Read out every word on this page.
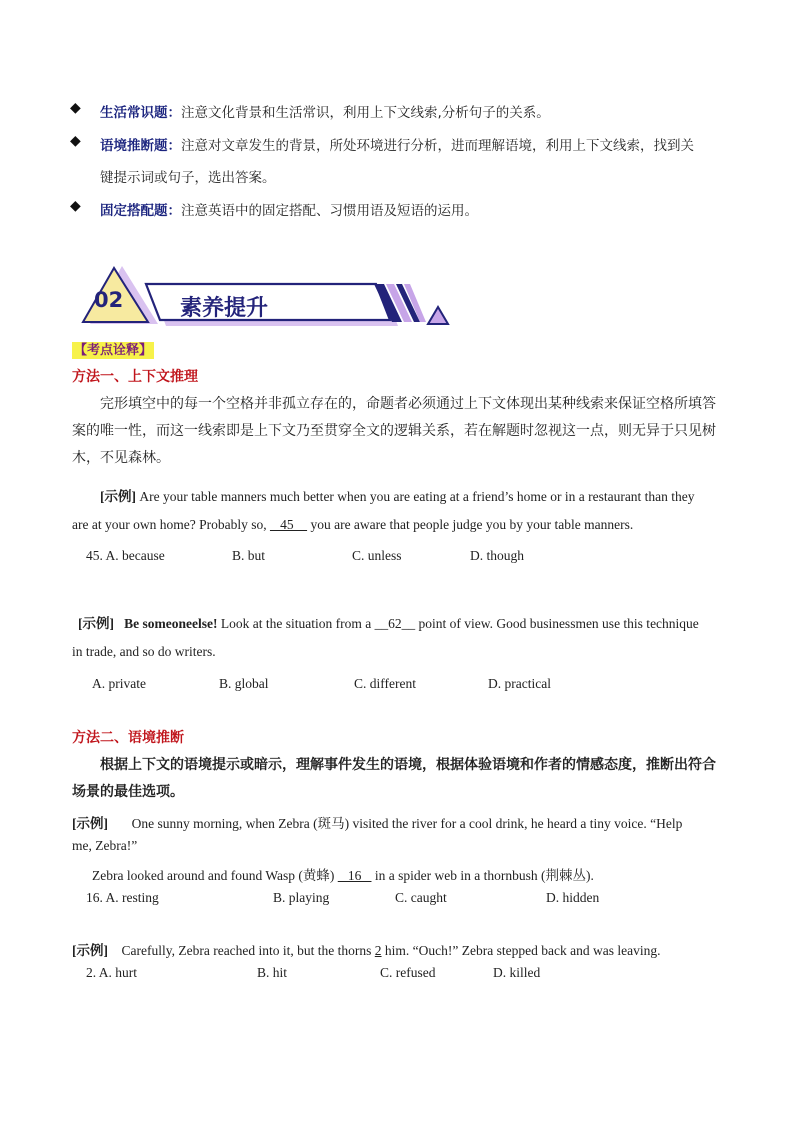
◆ 生活常识题：注意文化背景和生活常识，利用上下文线索,分析句子的关系。
◆ 语境推断题：注意对文章发生的背景，所处环境进行分析，进而理解语境，利用上下文线索，找到关
键提示词或句子，选出答案。
◆ 固定搭配题：注意英语中的固定搭配、习惯用语及短语的运用。
02	素养提升
【考点诠释】
方法一、上下文推理
完形填空中的每一个空格并非孤立存在的，命题者必须通过上下文体现出某种线索来保证空格所填答
案的唯一性，而这一线索即是上下文乃至贯穿全文的逻辑关系，若在解题时忽视这一点，则无异于只见树
木，不见森林。
[示例] Are your table manners much better when you are eating at a friend’s home or in a restaurant than they
are at your own home? Probably so,    45     you are aware that people judge you by your table manners.
45. A. because	B. but	C. unless	D. though
[示例] Be someoneelse! Look at the situation from a __62__ point of view. Good businessmen use this technique
in trade, and so do writers.
A. private	B. global	C. different	D. practical
方法二、语境推断
根据上下文的语境提示或暗示，理解事件发生的语境，根据体验语境和作者的情感态度，推断出符合
场景的最佳选项。
[示例] One sunny morning, when Zebra (斑马) visited the river for a cool drink, he heard a tiny voice. “Help
me, Zebra!”
Zebra looked around and found Wasp (黄蜂)    16    in a spider web in a thornbush (荆棘丛).
16. A. resting	B. playing	C. caught	D. hidden
[示例] Carefully, Zebra reached into it, but the thorns 2 him. “Ouch!” Zebra stepped back and was leaving.
2. A. hurt	B. hit	C. refused	D. killed
